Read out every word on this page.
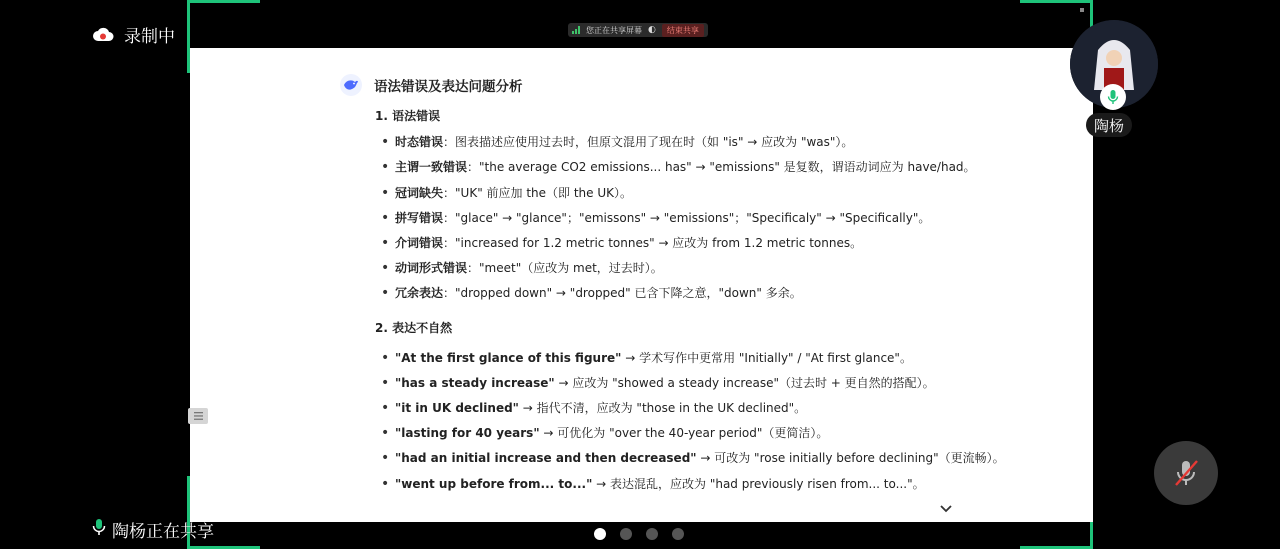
录制中	您正在共享屏幕 ◐	结束共享
语法错误及表达问题分析
1. 语法错误
• 时态错误：图表描述应使用过去时，但原文混用了现在时（如 "is" → 应改为 "was"）。
• 主谓一致错误："the average CO2 emissions... has" → "emissions" 是复数，谓语动词应为 have/had。
• 冠词缺失："UK" 前应加 the（即 the UK）。
• 拼写错误："glace" → "glance"；"emissons" → "emissions"；"Specificaly" → "Specifically"。
• 介词错误："increased for 1.2 metric tonnes" → 应改为 from 1.2 metric tonnes。
• 动词形式错误："meet"（应改为 met，过去时）。
• 冗余表达："dropped down" → "dropped" 已含下降之意，"down" 多余。
2. 表达不自然
• "At the first glance of this figure" → 学术写作中更常用 "Initially" / "At first glance"。
• "has a steady increase" → 应改为 "showed a steady increase"（过去时 + 更自然的搭配）。
• "it in UK declined" → 指代不清，应改为 "those in the UK declined"。
• "lasting for 40 years" → 可优化为 "over the 40-year period"（更简洁）。
• "had an initial increase and then decreased" → 可改为 "rose initially before declining"（更流畅）。
• "went up before from... to..." → 表达混乱，应改为 "had previously risen from... to..."。
陶杨
陶杨正在共享
